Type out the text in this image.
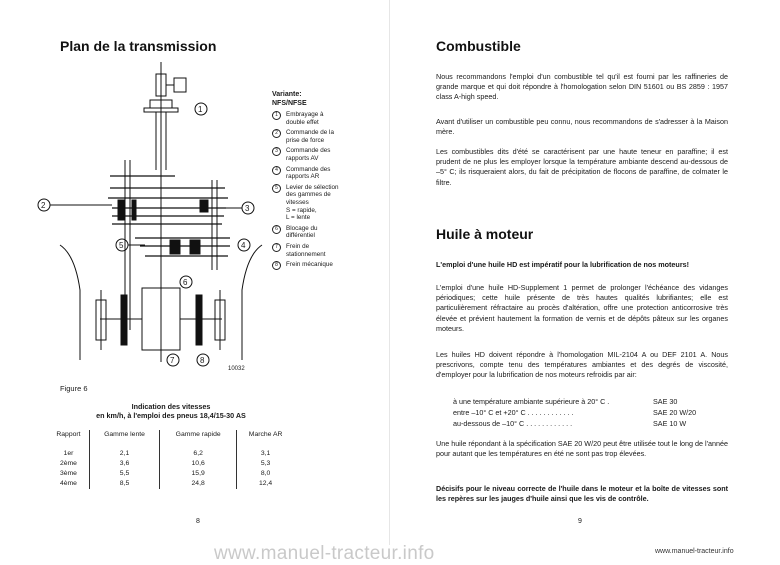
Plan de la transmission
1
2	3
5	4
6
7	8
10032
Variante:
NFS/NFSE
1	Embrayage à
double effet
2	Commande de la
prise de force
3	Commande des
rapports AV
4	Commande des
rapports AR
5	Levier de sélection
des gammes de
vitesses
S = rapide,
L = lente
6	Blocage du
différentiel
7	Frein de
stationnement
8	Frein mécanique
Figure 6
Indication des vitesses
en km/h, à l'emploi des pneus 18,4/15-30 AS
Rapport	Gamme lente	Gamme rapide	Marche AR

1er	2,1	6,2	3,1
2ème	3,6	10,6	5,3
3ème	5,5	15,9	8,0
4ème	8,5	24,8	12,4
8
Combustible
Nous recommandons l'emploi d'un combustible tel qu'il est fourni par les raffineries de grande marque et qui doit répondre à l'homologation selon DIN 51601 ou BS 2859 : 1957 class A-high speed.
Avant d'utiliser un combustible peu connu, nous recommandons de s'adresser à la Maison mère.
Les combustibles dits d'été se caractérisent par une haute teneur en paraffine; il est prudent de ne plus les employer lorsque la température ambiante descend au-dessous de –5° C; ils risqueraient alors, du fait de précipitation de flocons de paraffine, de colmater le filtre.
Huile à moteur
L'emploi d'une huile HD est impératif pour la lubrification de nos moteurs!
L'emploi d'une huile HD-Supplement 1 permet de prolonger l'échéance des vidanges périodiques; cette huile présente de très hautes qualités lubrifiantes; elle est particulièrement réfractaire au procès d'altération, offre une protection anticorrosive très élevée et prévient hautement la formation de vernis et de dépôts pâteux sur les organes moteurs.
Les huiles HD doivent répondre à l'homologation MIL-2104 A ou DEF 2101 A. Nous prescrivons, compte tenu des températures ambiantes et des degrés de viscosité, d'employer pour la lubrification de nos moteurs refroidis par air:
à une température ambiante supérieure à 20° C .	SAE 30
entre –10° C et +20° C . . . . . . . . . . . .	SAE 20 W/20
au-dessous de –10° C . . . . . . . . . . . .	SAE 10 W
Une huile répondant à la spécification SAE 20 W/20 peut être utilisée tout le long de l'année pour autant que les températures en été ne sont pas trop élevées.
Décisifs pour le niveau correcte de l'huile dans le moteur et la boîte de vitesses sont les repères sur les jauges d'huile ainsi que les vis de contrôle.
9
www.manuel-tracteur.info	www.manuel-tracteur.info
